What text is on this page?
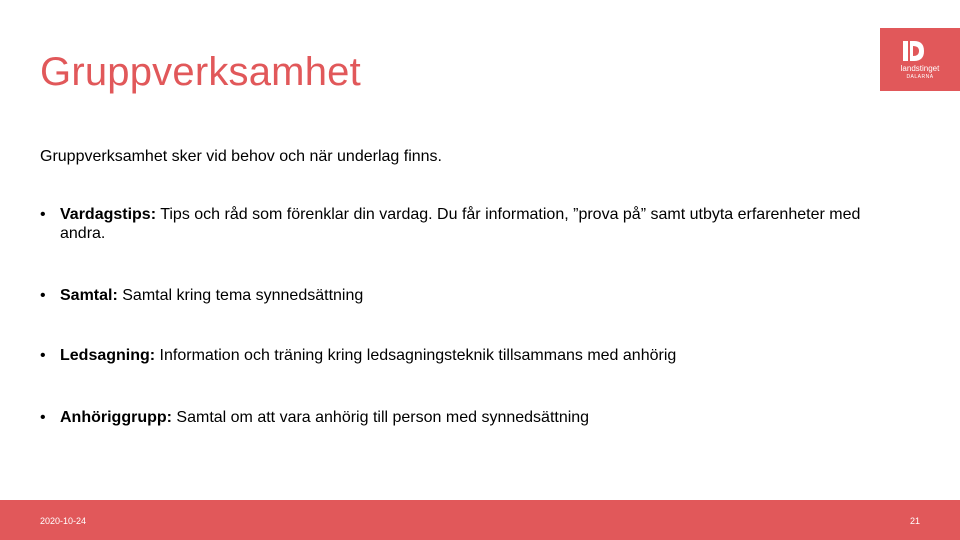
Gruppverksamhet	landstinget
DALARNA
Gruppverksamhet sker vid behov och när underlag finns.
• Vardagstips: Tips och råd som förenklar din vardag. Du får information, ”prova på” samt utbyta erfarenheter med andra.
• Samtal: Samtal kring tema synnedsättning
• Ledsagning: Information och träning kring ledsagningsteknik tillsammans med anhörig
• Anhöriggrupp: Samtal om att vara anhörig till person med synnedsättning
2020-10-24	21
